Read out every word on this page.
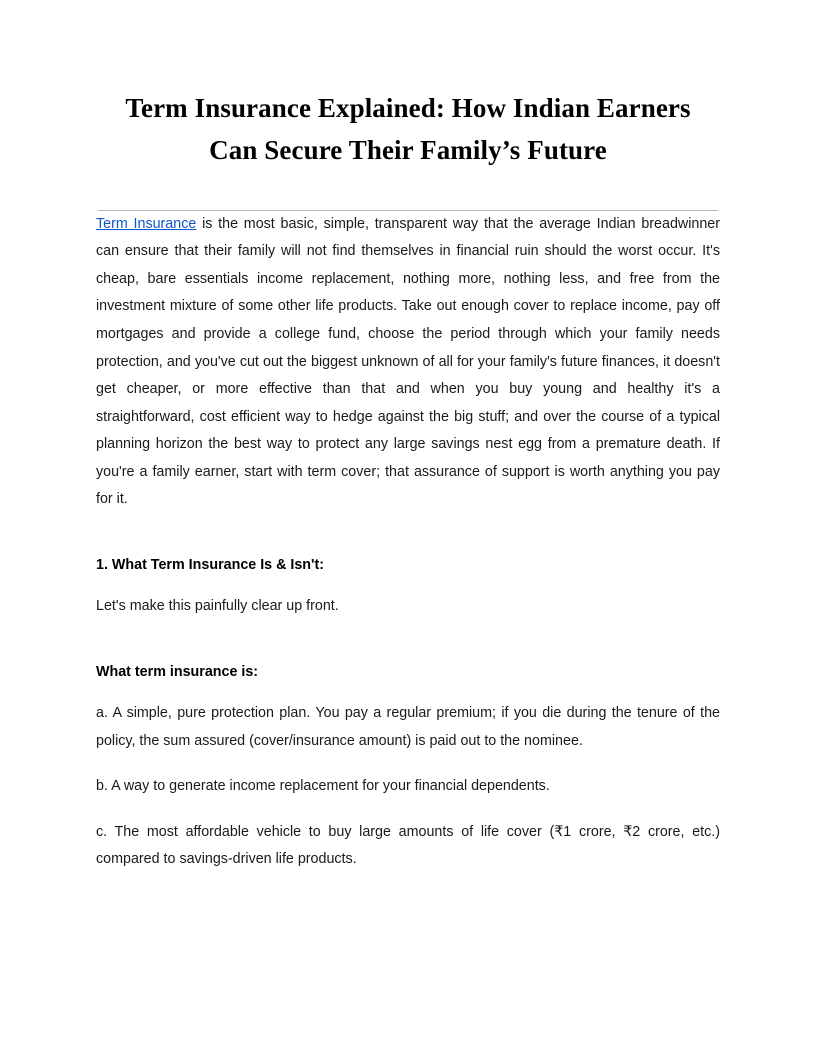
Term Insurance Explained: How Indian Earners Can Secure Their Family’s Future

Term Insurance is the most basic, simple, transparent way that the average Indian breadwinner can ensure that their family will not find themselves in financial ruin should the worst occur. It's cheap, bare essentials income replacement, nothing more, nothing less, and free from the investment mixture of some other life products. Take out enough cover to replace income, pay off mortgages and provide a college fund, choose the period through which your family needs protection, and you've cut out the biggest unknown of all for your family's future finances, it doesn't get cheaper, or more effective than that and when you buy young and healthy it's a straightforward, cost efficient way to hedge against the big stuff; and over the course of a typical planning horizon the best way to protect any large savings nest egg from a premature death. If you're a family earner, start with term cover; that assurance of support is worth anything you pay for it.

1. What Term Insurance Is & Isn't:

Let's make this painfully clear up front.

What term insurance is:

a. A simple, pure protection plan. You pay a regular premium; if you die during the tenure of the policy, the sum assured (cover/insurance amount) is paid out to the nominee.

b. A way to generate income replacement for your financial dependents.

c. The most affordable vehicle to buy large amounts of life cover (₹1 crore, ₹2 crore, etc.) compared to savings-driven life products.
